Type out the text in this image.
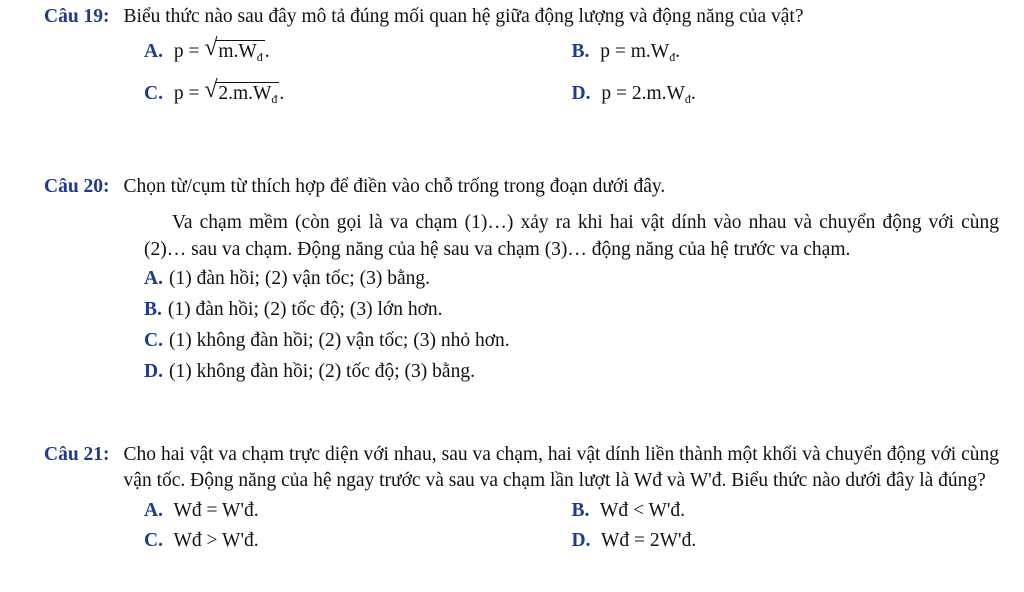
Câu 19: Biểu thức nào sau đây mô tả đúng mối quan hệ giữa động lượng và động năng của vật?
A. p = √ $m.W_đ$ .	B. $p = m.W_đ$.
C. p = √ $2.m.W_đ$ .	D. $p = 2.m.W_đ$.
Câu 20: Chọn từ/cụm từ thích hợp để điền vào chỗ trống trong đoạn dưới đây.
Va chạm mềm (còn gọi là va chạm (1)…) xảy ra khi hai vật dính vào nhau và chuyển động với cùng (2)… sau va chạm. Động năng của hệ sau va chạm (3)… động năng của hệ trước va chạm.
A. (1) đàn hồi; (2) vận tốc; (3) bằng.
B. (1) đàn hồi; (2) tốc độ; (3) lớn hơn.
C. (1) không đàn hồi; (2) vận tốc; (3) nhỏ hơn.
D. (1) không đàn hồi; (2) tốc độ; (3) bằng.
Câu 21: Cho hai vật va chạm trực diện với nhau, sau va chạm, hai vật dính liền thành một khối và chuyển động với cùng vận tốc. Động năng của hệ ngay trước và sau va chạm lần lượt là Wđ và W'đ. Biểu thức nào dưới đây là đúng?
A. Wđ = W'đ.	B. Wđ < W'đ.
C. Wđ > W'đ.	D. Wđ = 2W'đ.
